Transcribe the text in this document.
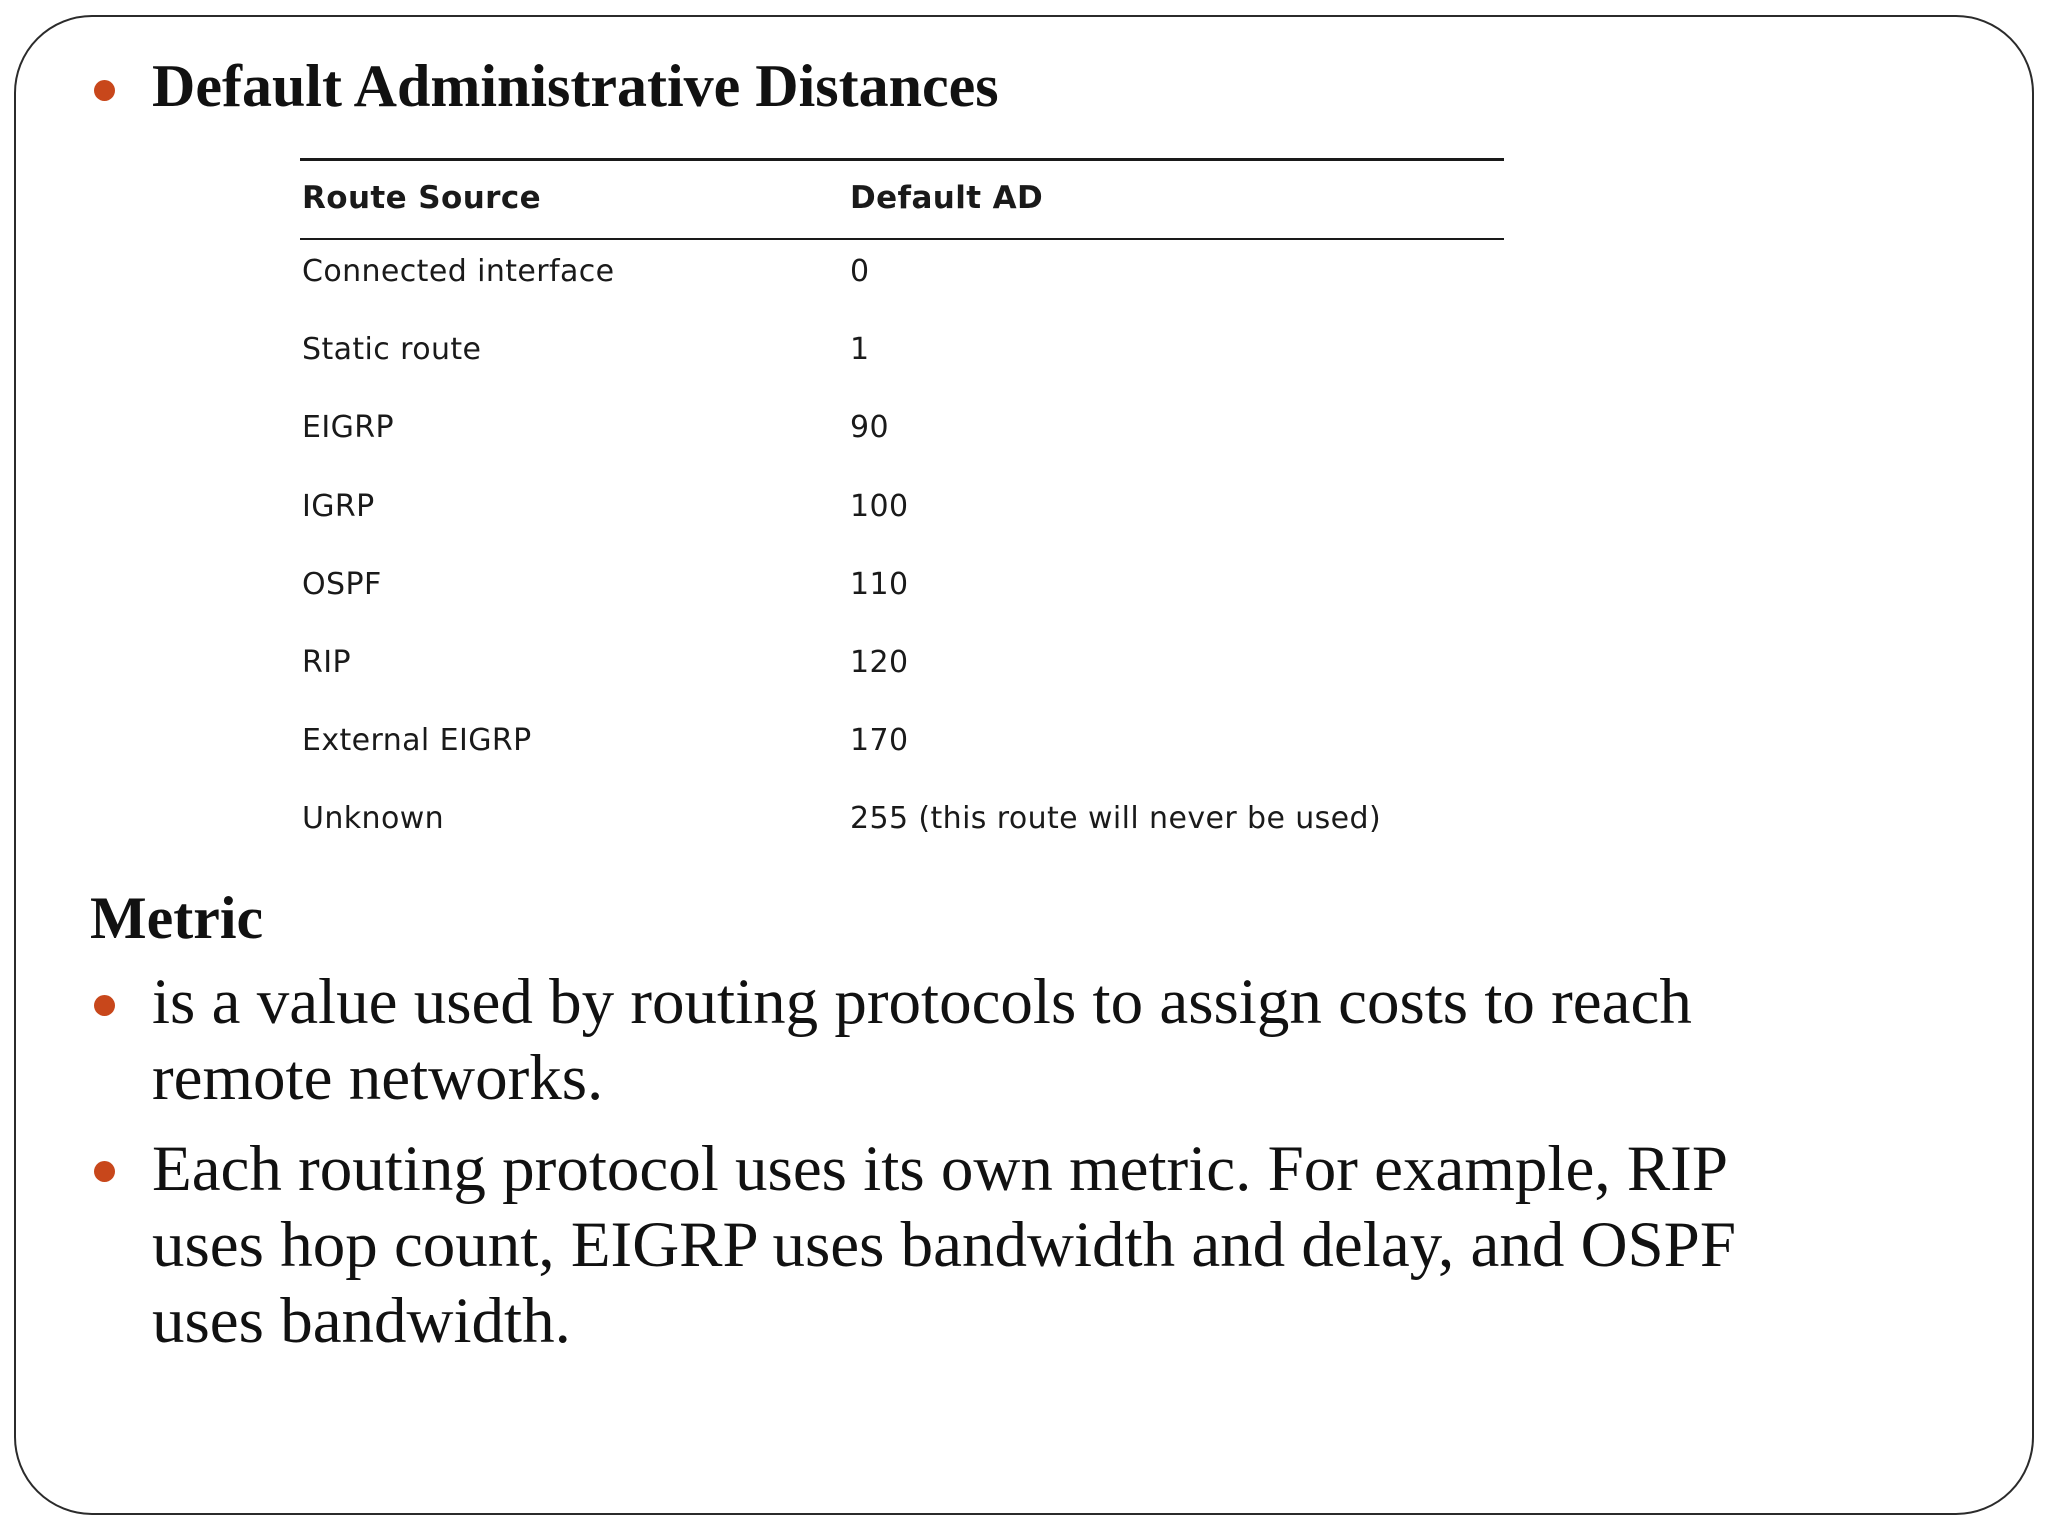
Default Administrative Distances
Route Source	Default AD
Connected interface	0
Static route	1
EIGRP	90
IGRP	100
OSPF	110
RIP	120
External EIGRP	170
Unknown	255 (this route will never be used)
Metric
is a value used by routing protocols to assign costs to reach
remote networks.
Each routing protocol uses its own metric. For example, RIP
uses hop count, EIGRP uses bandwidth and delay, and OSPF
uses bandwidth.
